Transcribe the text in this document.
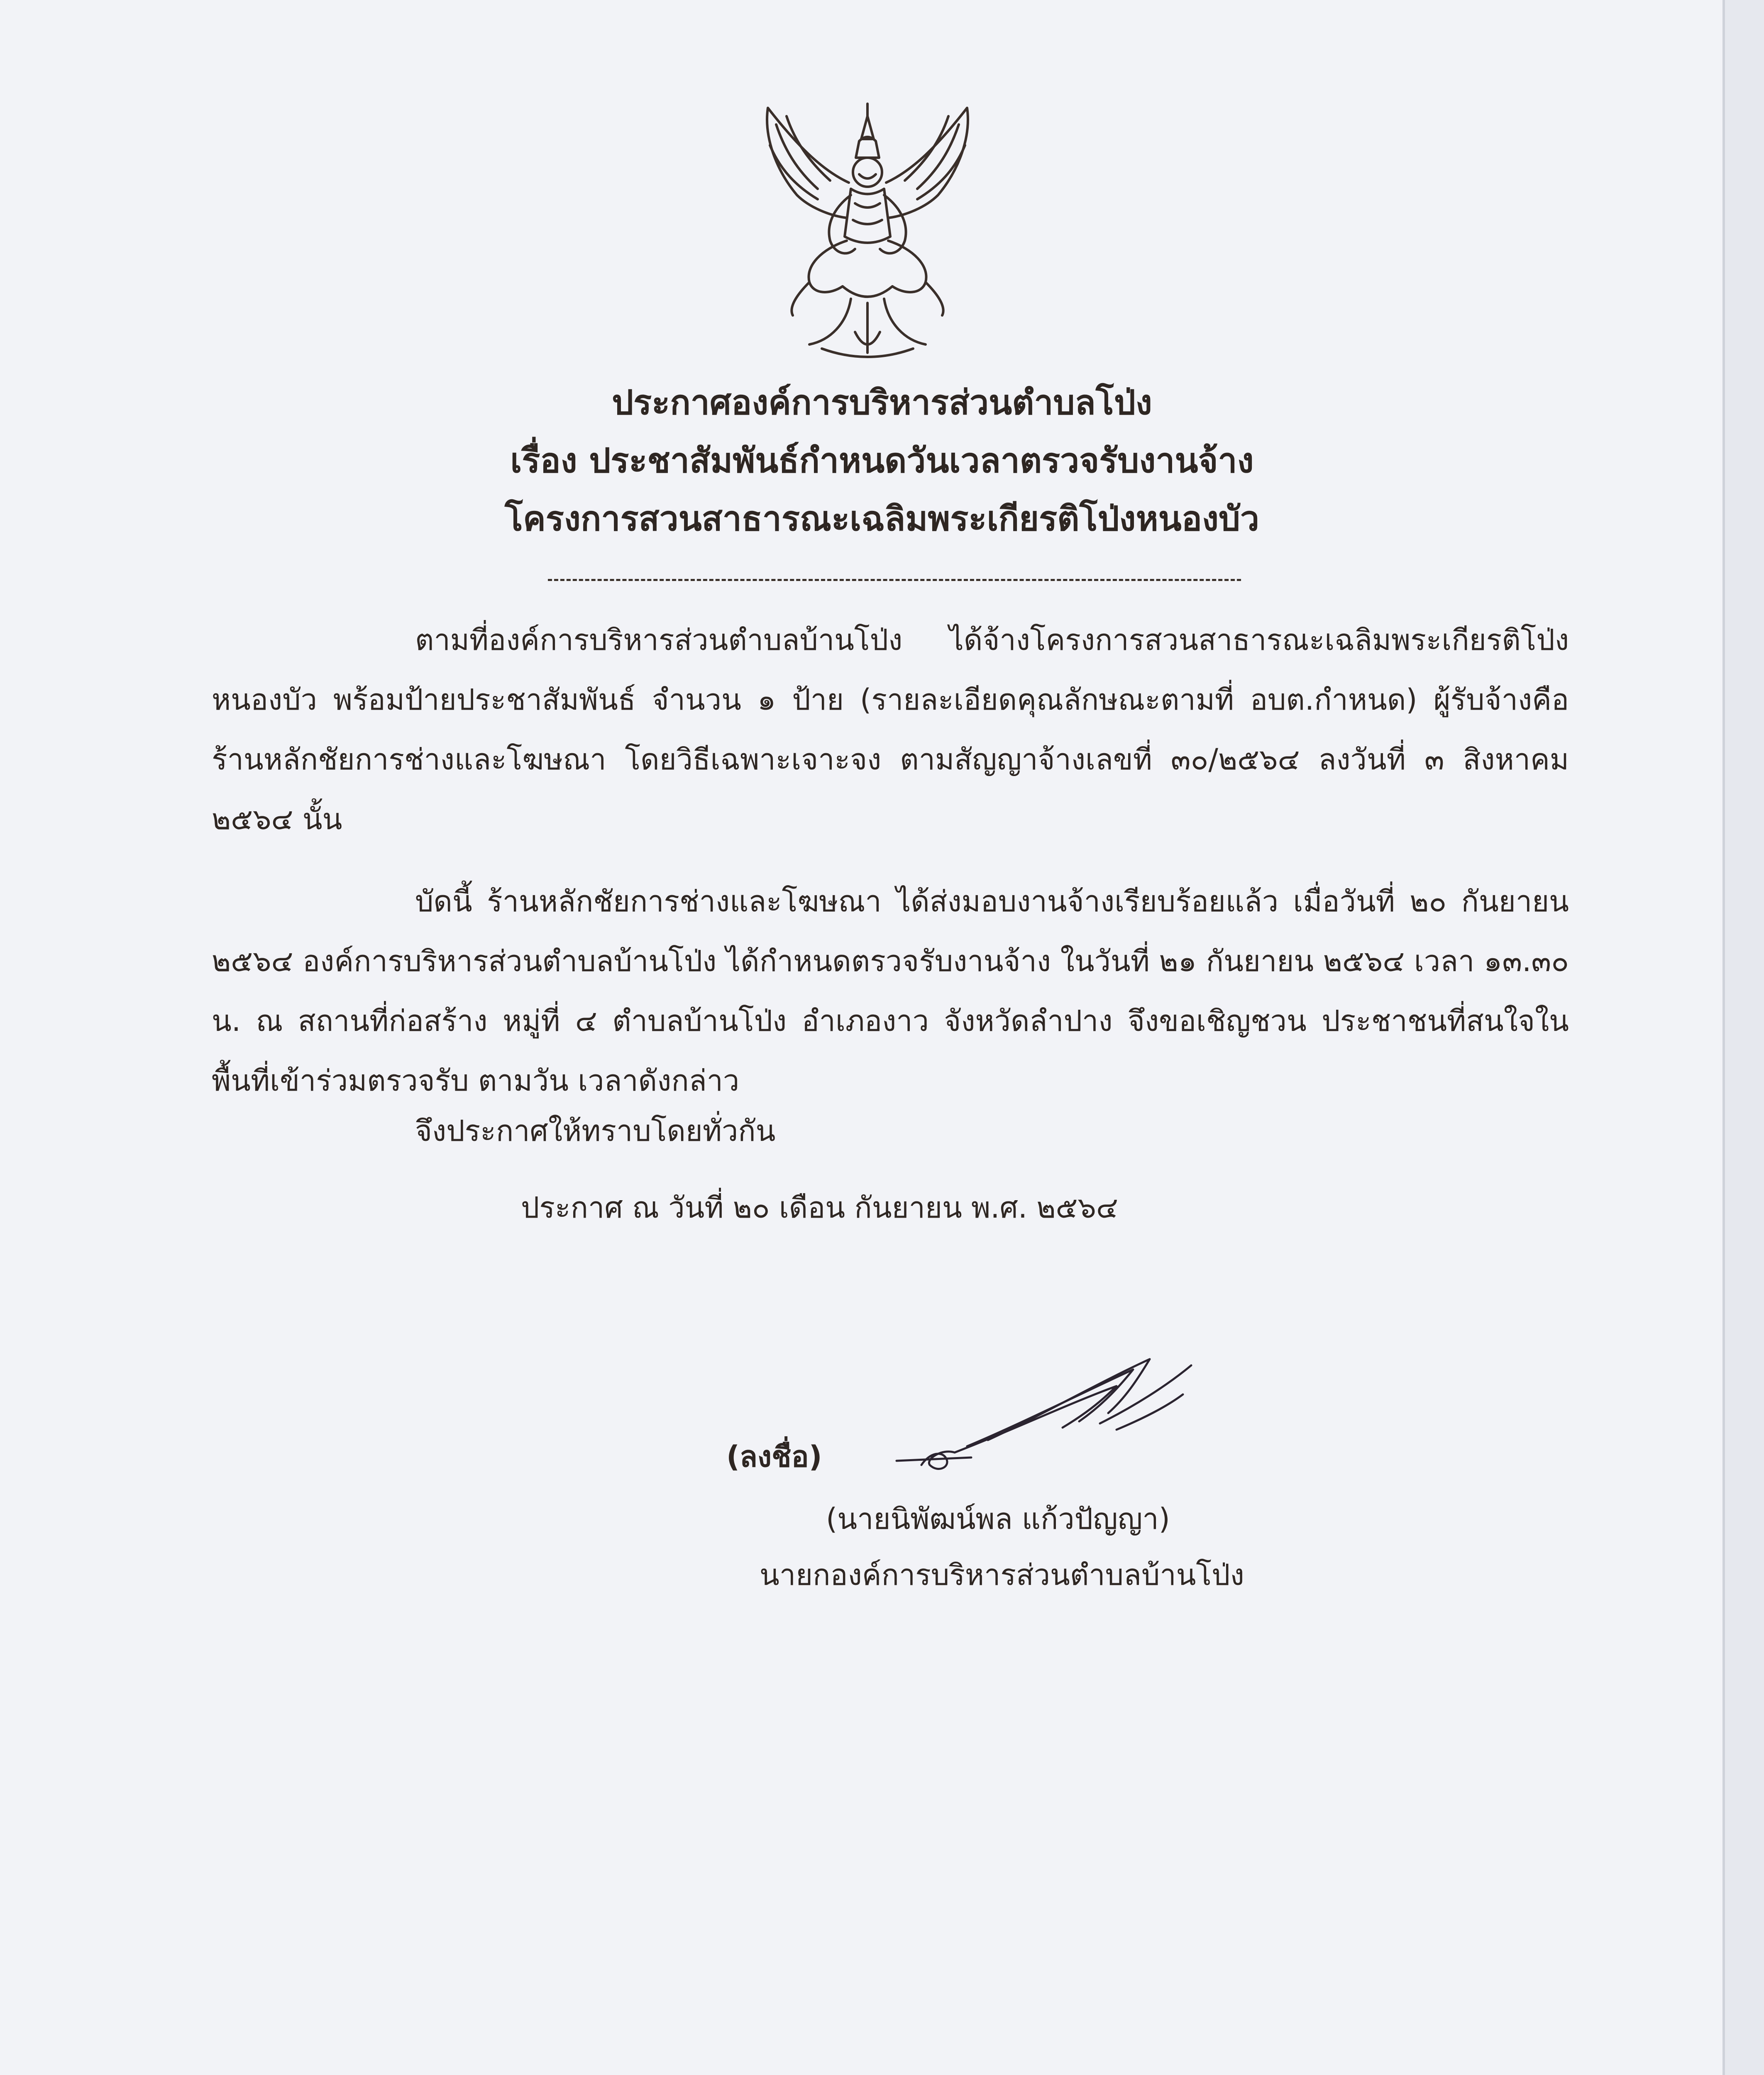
ประกาศองค์การบริหารส่วนตำบลโป่ง
เรื่อง ประชาสัมพันธ์กำหนดวันเวลาตรวจรับงานจ้าง
โครงการสวนสาธารณะเฉลิมพระเกียรติโป่งหนองบัว

ตามที่องค์การบริหารส่วนตำบลบ้านโป่ง ได้จ้างโครงการสวนสาธารณะเฉลิมพระเกียรติโป่งหนองบัว พร้อมป้ายประชาสัมพันธ์ จำนวน ๑ ป้าย (รายละเอียดคุณลักษณะตามที่ อบต.กำหนด) ผู้รับจ้างคือ ร้านหลักชัยการช่างและโฆษณา โดยวิธีเฉพาะเจาะจง ตามสัญญาจ้างเลขที่ ๓๐/๒๕๖๔ ลงวันที่ ๓ สิงหาคม ๒๕๖๔ นั้น

บัดนี้ ร้านหลักชัยการช่างและโฆษณา ได้ส่งมอบงานจ้างเรียบร้อยแล้ว เมื่อวันที่ ๒๐ กันยายน ๒๕๖๔ องค์การบริหารส่วนตำบลบ้านโป่ง ได้กำหนดตรวจรับงานจ้าง ในวันที่ ๒๑ กันยายน ๒๕๖๔ เวลา ๑๓.๓๐ น. ณ สถานที่ก่อสร้าง หมู่ที่ ๔ ตำบลบ้านโป่ง อำเภองาว จังหวัดลำปาง จึงขอเชิญชวน ประชาชนที่สนใจในพื้นที่เข้าร่วมตรวจรับ ตามวัน เวลาดังกล่าว

จึงประกาศให้ทราบโดยทั่วกัน
ประกาศ ณ วันที่ ๒๐ เดือน กันยายน พ.ศ. ๒๕๖๔
(ลงชื่อ)
(นายนิพัฒน์พล แก้วปัญญา)
นายกองค์การบริหารส่วนตำบลบ้านโป่ง
